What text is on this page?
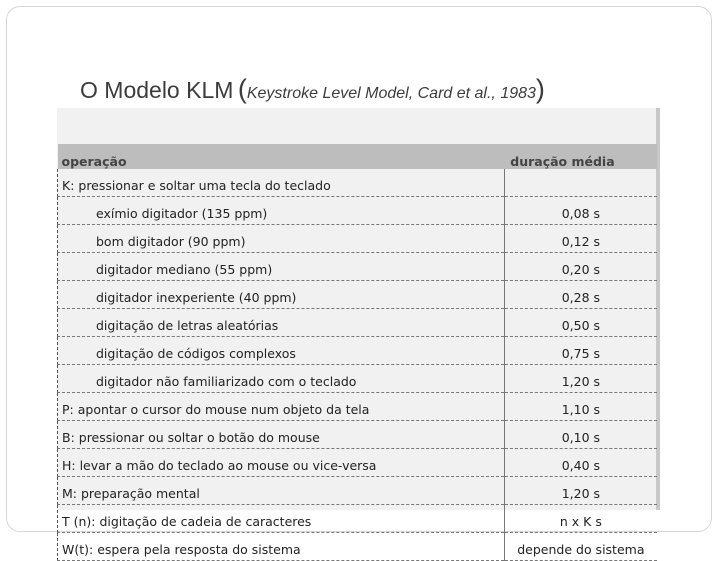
O Modelo KLM (Keystroke Level Model, Card et al., 1983)
operação	duração média
K: pressionar e soltar uma tecla do teclado	
exímio digitador (135 ppm)	0,08 s
bom digitador (90 ppm)	0,12 s
digitador mediano (55 ppm)	0,20 s
digitador inexperiente (40 ppm)	0,28 s
digitação de letras aleatórias	0,50 s
digitação de códigos complexos	0,75 s
digitador não familiarizado com o teclado	1,20 s
P: apontar o cursor do mouse num objeto da tela	1,10 s
B: pressionar ou soltar o botão do mouse	0,10 s
H: levar a mão do teclado ao mouse ou vice-versa	0,40 s
M: preparação mental	1,20 s
T (n): digitação de cadeia de caracteres	n x K s
W(t): espera pela resposta do sistema	depende do sistema
